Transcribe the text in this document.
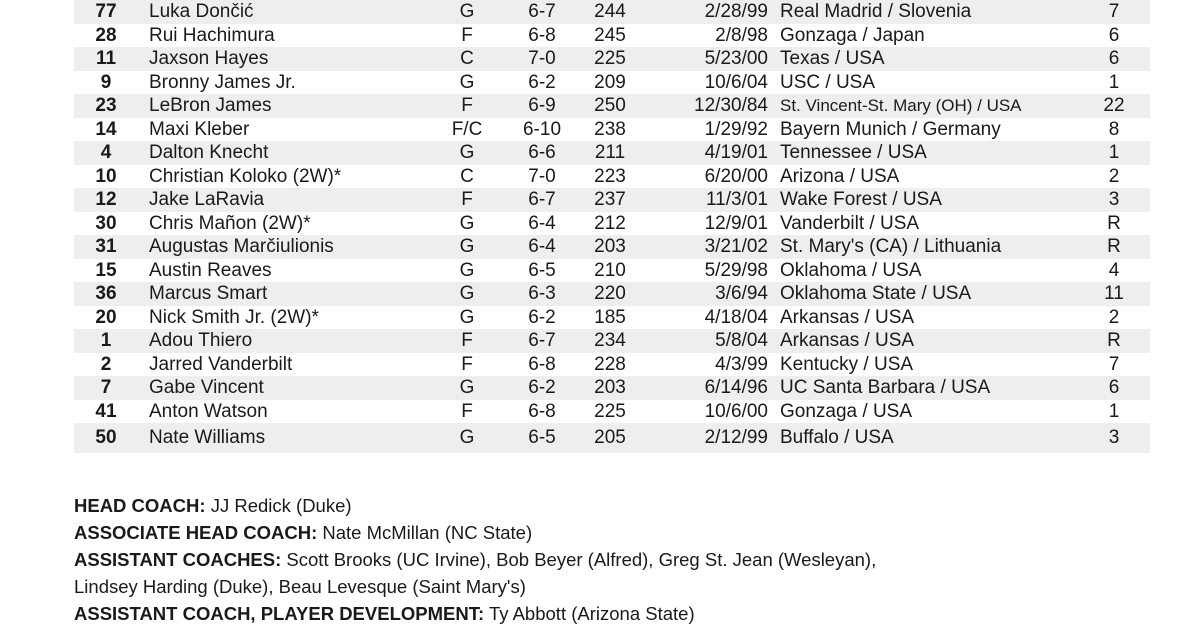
77	Luka Dončić	G	6-7	244	2/28/99 Real Madrid / Slovenia	7
28	Rui Hachimura	F	6-8	245	2/8/98 Gonzaga / Japan	6
11	Jaxson Hayes	C	7-0	225	5/23/00 Texas / USA	6
9	Bronny James Jr.	G	6-2	209	10/6/04 USC / USA	1
23	LeBron James	F	6-9	250	12/30/84 St. Vincent-St. Mary (OH) / USA	22
14	Maxi Kleber	F/C	6-10	238	1/29/92 Bayern Munich / Germany	8
4	Dalton Knecht	G	6-6	211	4/19/01 Tennessee / USA	1
10	Christian Koloko (2W)*	C	7-0	223	6/20/00 Arizona / USA	2
12	Jake LaRavia	F	6-7	237	11/3/01 Wake Forest / USA	3
30	Chris Mañon (2W)*	G	6-4	212	12/9/01 Vanderbilt / USA	R
31	Augustas Marčiulionis	G	6-4	203	3/21/02 St. Mary's (CA) / Lithuania	R
15	Austin Reaves	G	6-5	210	5/29/98 Oklahoma / USA	4
36	Marcus Smart	G	6-3	220	3/6/94 Oklahoma State / USA	11
20	Nick Smith Jr. (2W)*	G	6-2	185	4/18/04 Arkansas / USA	2
1	Adou Thiero	F	6-7	234	5/8/04 Arkansas / USA	R
2	Jarred Vanderbilt	F	6-8	228	4/3/99 Kentucky / USA	7
7	Gabe Vincent	G	6-2	203	6/14/96 UC Santa Barbara / USA	6
41	Anton Watson	F	6-8	225	10/6/00 Gonzaga / USA	1
50	Nate Williams	G	6-5	205	2/12/99 Buffalo / USA	3
HEAD COACH: JJ Redick (Duke)
ASSOCIATE HEAD COACH: Nate McMillan (NC State)
ASSISTANT COACHES: Scott Brooks (UC Irvine), Bob Beyer (Alfred), Greg St. Jean (Wesleyan),
Lindsey Harding (Duke), Beau Levesque (Saint Mary's)
ASSISTANT COACH, PLAYER DEVELOPMENT: Ty Abbott (Arizona State)
